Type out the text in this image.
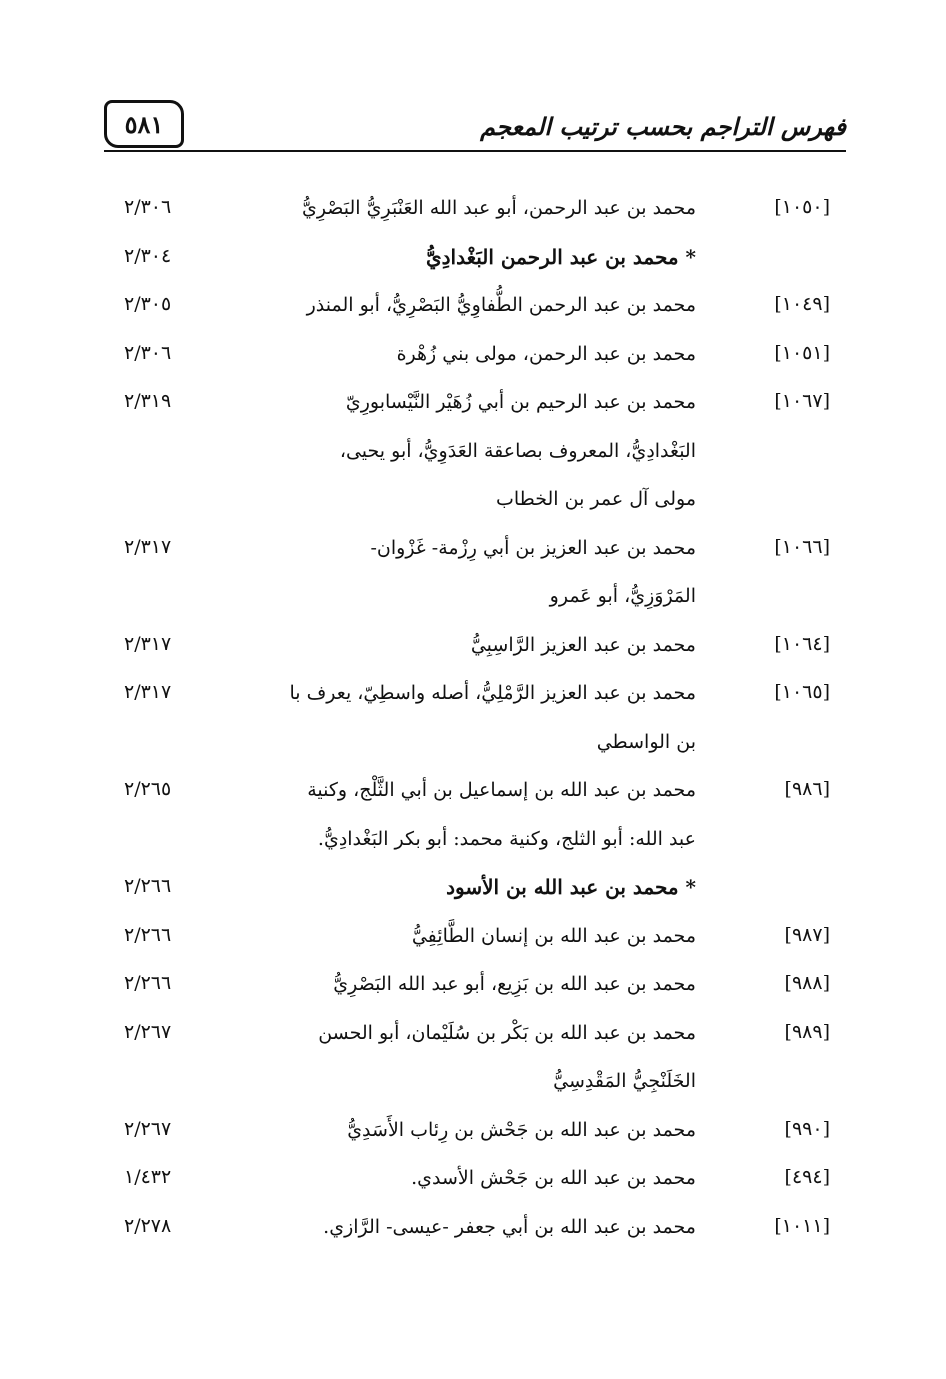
٥٨١	فهرس التراجم بحسب ترتيب المعجم
[١٠٥٠]
محمد بن عبد الرحمن، أبو عبد الله العَنْبَرِيُّ البَصْرِيُّ
٢/٣٠٦
* محمد بن عبد الرحمن البَغْدادِيُّ
٢/٣٠٤
[١٠٤٩]
محمد بن عبد الرحمن الطُّفاوِيُّ البَصْرِيُّ، أبو المنذر
٢/٣٠٥
[١٠٥١]
محمد بن عبد الرحمن، مولى بني زُهْرة
٢/٣٠٦
[١٠٦٧]
محمد بن عبد الرحيم بن أبي زُهَيْر النَّيْسابورِيّ
البَغْدادِيُّ، المعروف بصاعقة العَدَوِيُّ، أبو يحيى،
مولى آل عمر بن الخطاب
٢/٣١٩
[١٠٦٦]
محمد بن عبد العزيز بن أبي رِزْمة- غَزْوان-
المَرْوَزِيُّ، أبو عَمرو
٢/٣١٧
[١٠٦٤]
محمد بن عبد العزيز الرَّاسِبِيُّ
٢/٣١٧
[١٠٦٥]
محمد بن عبد العزيز الرَّمْلِيُّ، أصله واسطِيّ، يعرف با
بن الواسطي
٢/٣١٧
[٩٨٦]
محمد بن عبد الله بن إسماعيل بن أبي الثَّلْج، وكنية
عبد الله: أبو الثلج، وكنية محمد: أبو بكر البَغْدادِيُّ.
٢/٢٦٥
* محمد بن عبد الله بن الأسود
٢/٢٦٦
[٩٨٧]
محمد بن عبد الله بن إنسان الطَّائِفِيُّ
٢/٢٦٦
[٩٨٨]
محمد بن عبد الله بن بَزِيع، أبو عبد الله البَصْرِيُّ
٢/٢٦٦
[٩٨٩]
محمد بن عبد الله بن بَكْر بن سُلَيْمان، أبو الحسن
الخَلَنْجِيُّ المَقْدِسِيُّ
٢/٢٦٧
[٩٩٠]
محمد بن عبد الله بن جَحْش بن رِئاب الأَسَدِيُّ
٢/٢٦٧
[٤٩٤]
محمد بن عبد الله بن جَحْش الأسدي.
١/٤٣٢
[١٠١١]
محمد بن عبد الله بن أبي جعفر -عيسى- الرَّازي.
٢/٢٧٨
